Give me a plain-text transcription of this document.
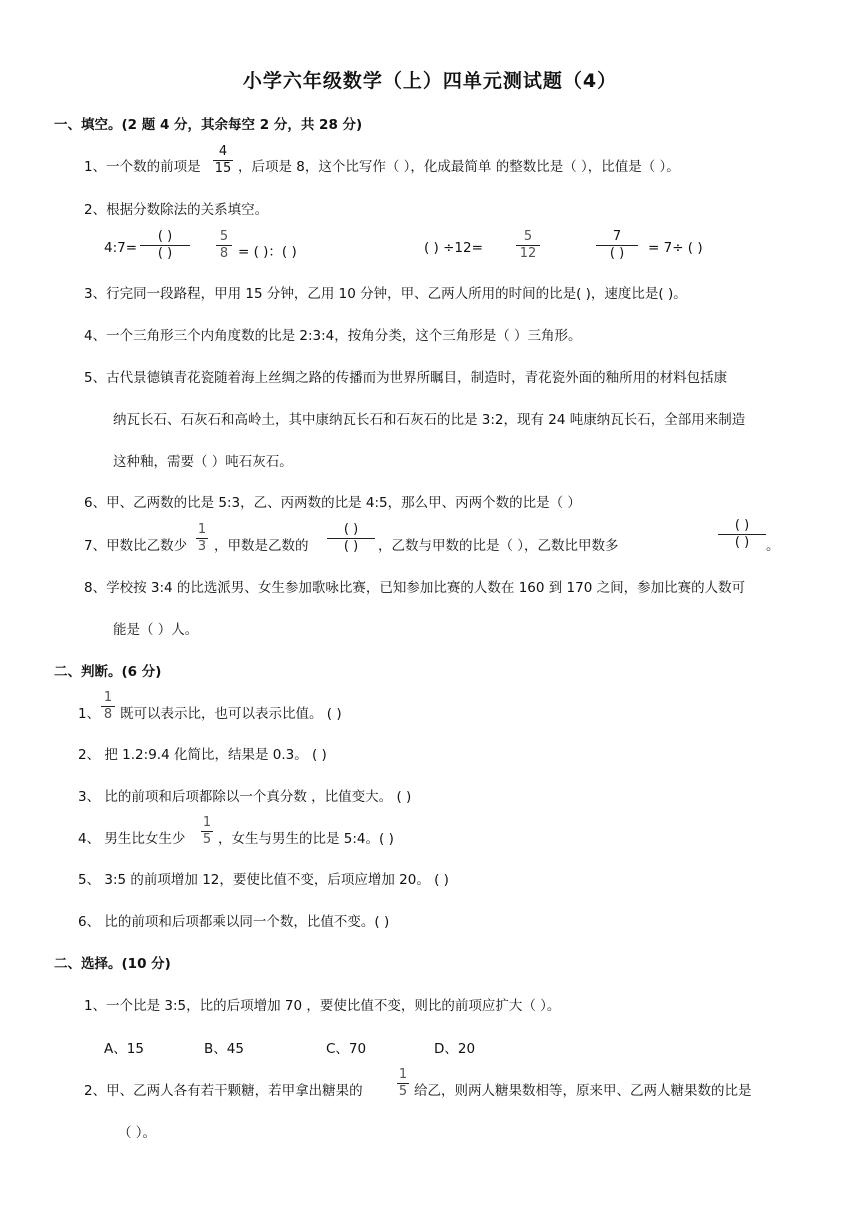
小学六年级数学（上）四单元测试题（4）
一、填空。(2 题 4 分，其余每空 2 分，共 28 分)
1、一个数的前项是 $\frac{4}{15}$ ，后项是 8，这个比写作（ ），化成最简单 的整数比是（ ），比值是（ ）。
2、根据分数除法的关系填空。
4:7=
( )
( )	$\frac{5}{8}$ = ( )：( )	( ) ÷12=	$\frac{5}{12}$	7
( )	= 7÷ ( )
3、行完同一段路程，甲用 15 分钟，乙用 10 分钟，甲、乙两人所用的时间的比是( )，速度比是( )。
4、一个三角形三个内角度数的比是 2:3:4，按角分类，这个三角形是（ ）三角形。
5、古代景德镇青花瓷随着海上丝绸之路的传播而为世界所瞩目，制造时，青花瓷外面的釉所用的材料包括康
纳瓦长石、石灰石和高岭土，其中康纳瓦长石和石灰石的比是 3:2，现有 24 吨康纳瓦长石，全部用来制造
这种釉，需要（ ）吨石灰石。
6、甲、乙两数的比是 5:3，乙、丙两数的比是 4:5，那么甲、丙两个数的比是（ ）
7、甲数比乙数少 $\frac{1}{3}$ ，甲数是乙数的
( )
( )	，乙数与甲数的比是（ ），乙数比甲数多
( )
( )	。
8、学校按 3:4 的比选派男、女生参加歌咏比赛，已知参加比赛的人数在 160 到 170 之间，参加比赛的人数可
能是（ ）人。
二、判断。(6 分)
1、 $\frac{1}{8}$ 既可以表示比，也可以表示比值。 ( )
2、 把 1.2:9.4 化简比，结果是 0.3。 ( )
3、 比的前项和后项都除以一个真分数 ，比值变大。 ( )
4、 男生比女生少 $\frac{1}{5}$ ，女生与男生的比是 5:4。( )
5、 3:5 的前项增加 12，要使比值不变，后项应增加 20。 ( )
6、 比的前项和后项都乘以同一个数，比值不变。( )
二、选择。(10 分)
1、一个比是 3:5，比的后项增加 70 ，要使比值不变，则比的前项应扩大（ ）。
A、15	B、45	C、70	D、20
2、甲、乙两人各有若干颗糖，若甲拿出糖果的	$\frac{1}{5}$ 给乙，则两人糖果数相等，原来甲、乙两人糖果数的比是
（ ）。
